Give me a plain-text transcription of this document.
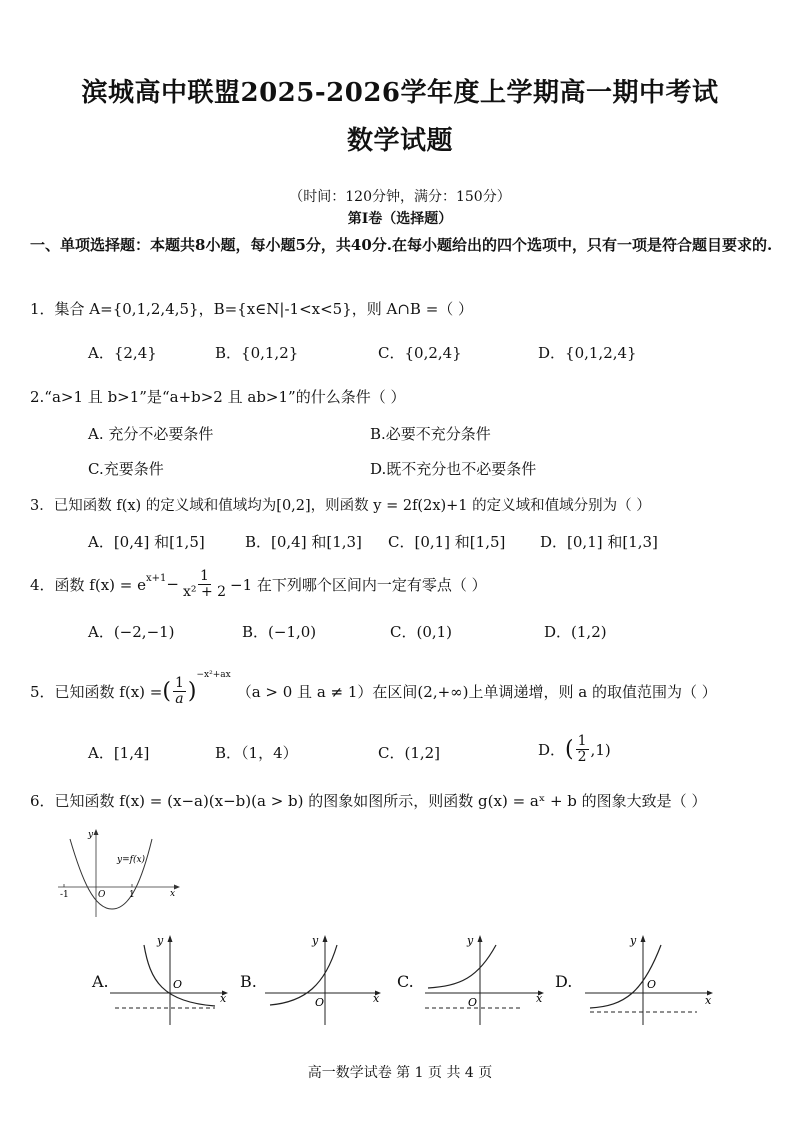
滨城高中联盟2025-2026学年度上学期高一期中考试
数学试题
（时间：120分钟，满分：150分）
第Ⅰ卷（选择题）
一、单项选择题：本题共8小题，每小题5分，共40分.在每小题给出的四个选项中，只有一项是符合题目要求的.
1．集合 A={0,1,2,4,5}，B={x∈N|-1<x<5}，则 A∩B =（ ）
A．{2,4}	B．{0,1,2}	C．{0,2,4}	D．{0,1,2,4}
2.“a>1 且 b>1”是“a+b>2 且 ab>1”的什么条件（ ）
A. 充分不必要条件	B.必要不充分条件
C.充要条件	D.既不充分也不必要条件
3．已知函数 f(x) 的定义域和值域均为[0,2]，则函数 y = 2f(2x)+1 的定义域和值域分别为（ ）
A．[0,4] 和[1,5]	B．[0,4] 和[1,3] C．[0,1] 和[1,5] D．[0,1] 和[1,3]
4．函数 $f(x) = e^{x+1} - \frac{1}{\text{x² + 2}} -1$ 在下列哪个区间内一定有零点（ ）
A．(−2,−1)	B．(−1,0)	C．(0,1)	D．(1,2)
5．已知函数 f(x) = ( $\frac{1}{a}$ )
$^{-x^2+ax}$
（a > 0 且 a ≠ 1）在区间(2,+∞)上单调递增，则 a 的取值范围为（ ）
A．[1,4]	B．（1，4）	C．(1,2]	D． ( $\frac{1}{2} ,1$)
6．已知函数 f(x) = (x−a)(x−b)(a > b) 的图象如图所示，则函数 g(x) = aˣ + b 的图象大致是（ ）
-1	1
O	x
y
y=f(x)
A.
y
O
x
B.
y
O	x
C.
y
O	x
D.
y
O
x
高一数学试卷 第 1 页 共 4 页
